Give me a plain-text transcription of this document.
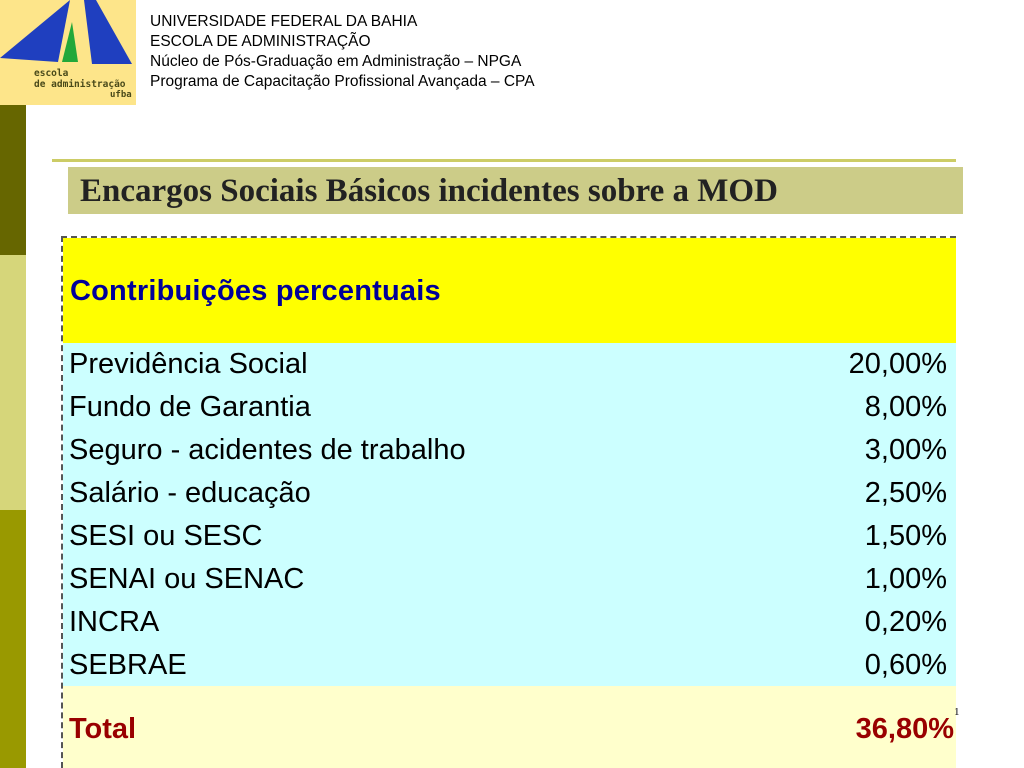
escola
de administração
ufba
UNIVERSIDADE FEDERAL DA BAHIA
ESCOLA DE ADMINISTRAÇÃO
Núcleo de Pós-Graduação em Administração – NPGA
Programa de Capacitação Profissional Avançada – CPA
Encargos Sociais Básicos incidentes sobre a MOD
Contribuições percentuais
Previdência Social	20,00%
Fundo de Garantia	8,00%
Seguro - acidentes de trabalho	3,00%
Salário - educação	2,50%
SESI ou SESC	1,50%
SENAI ou SENAC	1,00%
INCRA	0,20%
SEBRAE	0,60%
Total	36,80%
1
